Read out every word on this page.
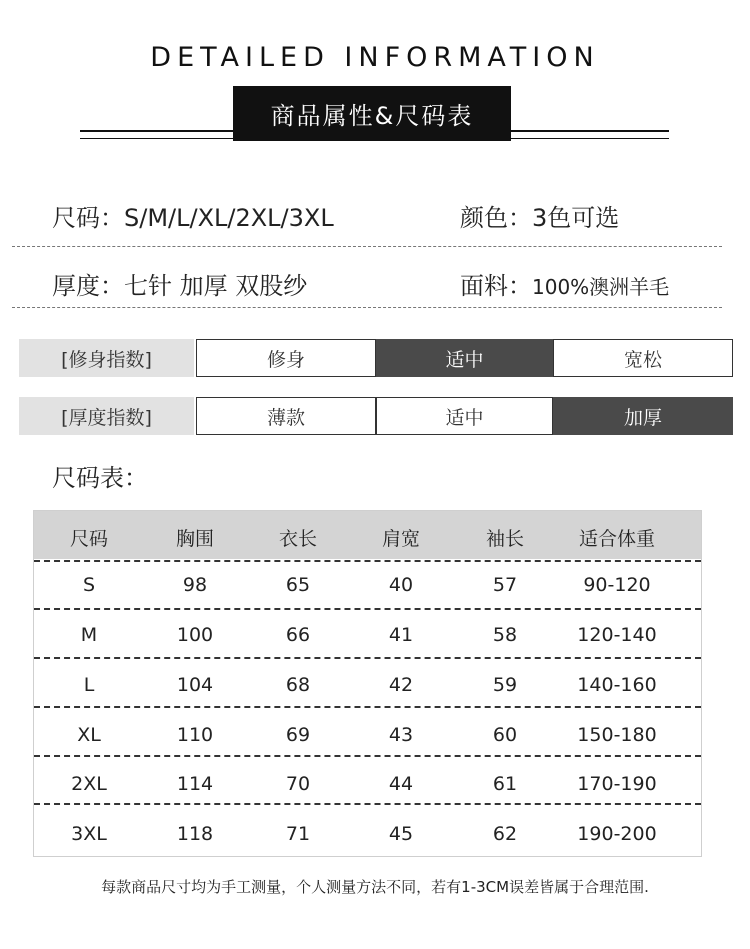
DETAILED INFORMATION
商品属性&尺码表
尺码：S/M/L/XL/2XL/3XL	颜色：3色可选
厚度：七针 加厚 双股纱	面料：100%澳洲羊毛
[修身指数]	修身	适中	宽松
[厚度指数]	薄款	适中	加厚
尺码表：
尺码	胸围	衣长	肩宽	袖长	适合体重
S	98	65	40	57	90-120
M	100	66	41	58	120-140
L	104	68	42	59	140-160
XL	110	69	43	60	150-180
2XL	114	70	44	61	170-190
3XL	118	71	45	62	190-200
每款商品尺寸均为手工测量，个人测量方法不同，若有1-3CM误差皆属于合理范围.
